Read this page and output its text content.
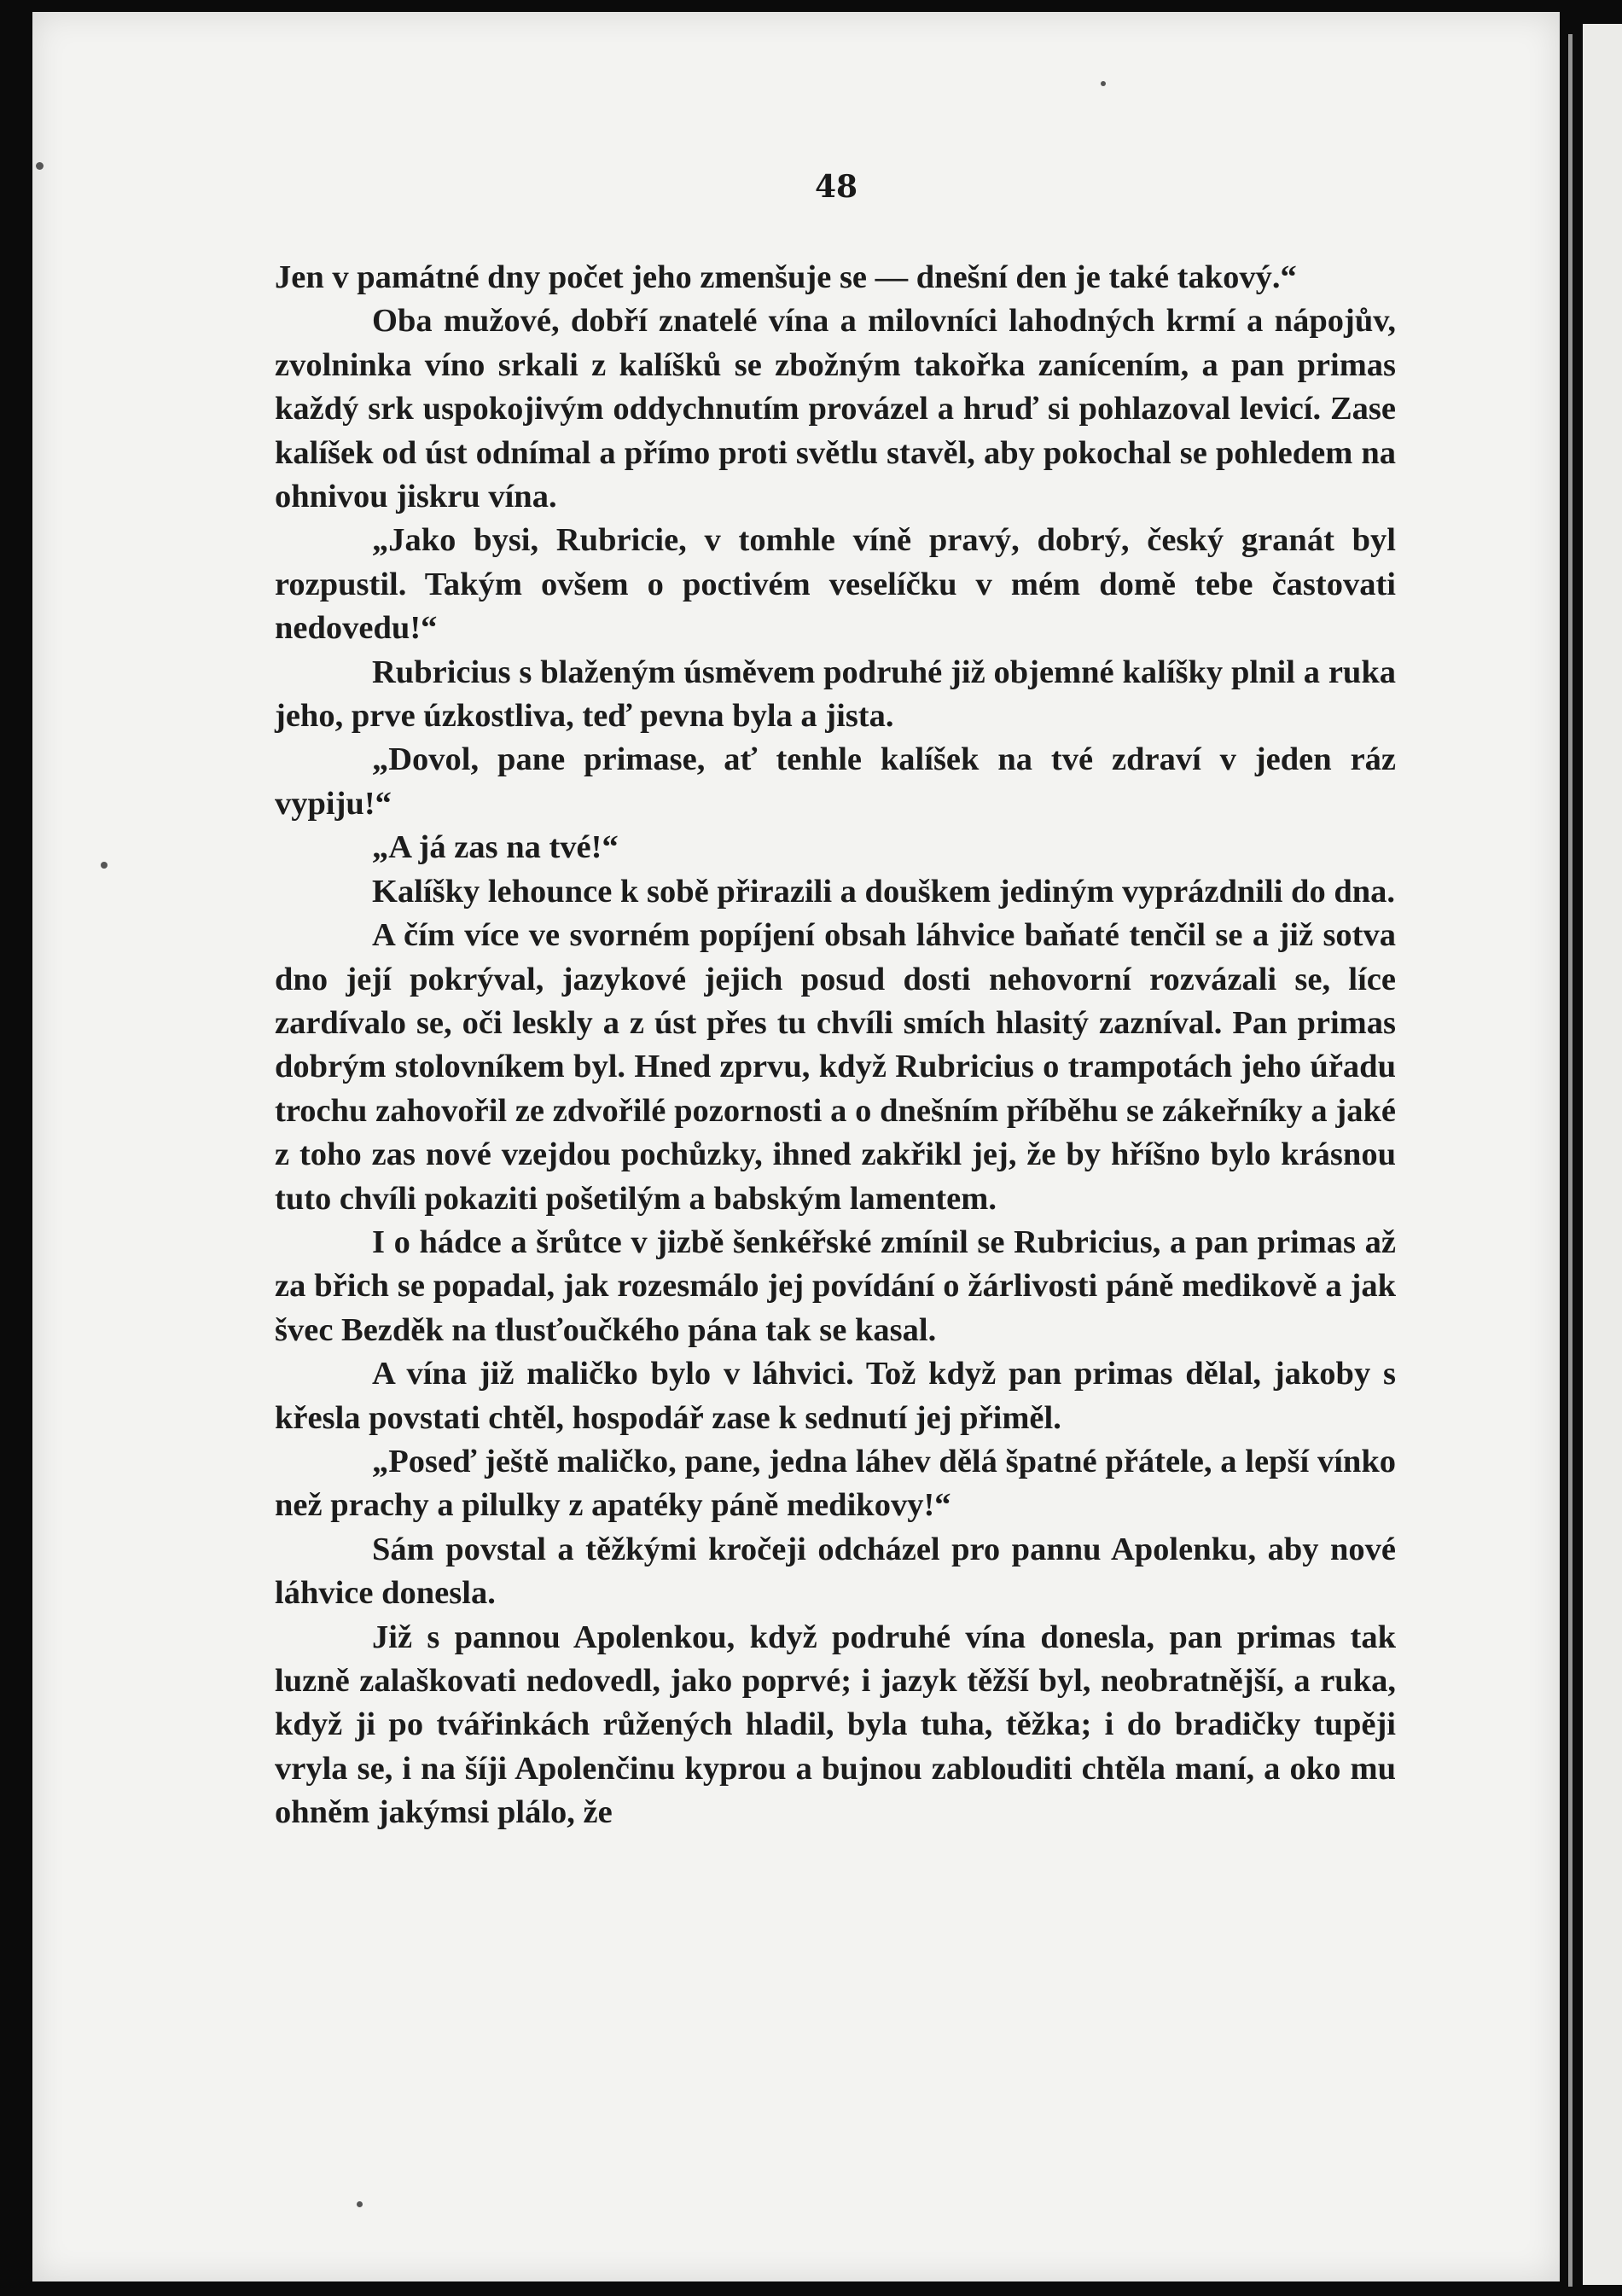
48

Jen v památné dny počet jeho zmenšuje se — dnešní den je také takový.“

Oba mužové, dobří znatelé vína a milovníci lahodných krmí a nápojův, zvolninka víno srkali z kalíšků se zbožným takořka zanícením, a pan primas každý srk uspokojivým oddychnutím provázel a hruď si pohlazoval levicí. Zase kalíšek od úst odnímal a přímo proti světlu stavěl, aby pokochal se pohledem na ohnivou jiskru vína.

„Jako bysi, Rubricie, v tomhle víně pravý, dobrý, český granát byl rozpustil. Takým ovšem o poctivém veselíčku v mém domě tebe častovati nedovedu!“

Rubricius s blaženým úsměvem podruhé již objemné kalíšky plnil a ruka jeho, prve úzkostliva, teď pevna byla a jista.

„Dovol, pane primase, ať tenhle kalíšek na tvé zdraví v jeden ráz vypiju!“

„A já zas na tvé!“

Kalíšky lehounce k sobě přirazili a douškem jediným vyprázdnili do dna.

A čím více ve svorném popíjení obsah láhvice baňaté tenčil se a již sotva dno její pokrýval, jazykové jejich posud dosti nehovorní rozvázali se, líce zardívalo se, oči leskly a z úst přes tu chvíli smích hlasitý zazníval. Pan primas dobrým stolovníkem byl. Hned zprvu, když Rubricius o trampotách jeho úřadu trochu zahovořil ze zdvořilé pozornosti a o dnešním příběhu se zákeřníky a jaké z toho zas nové vzejdou pochůzky, ihned zakřikl jej, že by hříšno bylo krásnou tuto chvíli pokaziti pošetilým a babským lamentem.

I o hádce a šrůtce v jizbě šenkéřské zmínil se Rubricius, a pan primas až za břich se popadal, jak rozesmálo jej povídání o žárlivosti páně medikově a jak švec Bezděk na tlusťoučkého pána tak se kasal.

A vína již maličko bylo v láhvici. Tož když pan primas dělal, jakoby s křesla povstati chtěl, hospodář zase k sednutí jej přiměl.

„Poseď ještě maličko, pane, jedna láhev dělá špatné přátele, a lepší vínko než prachy a pilulky z apatéky páně medikovy!“

Sám povstal a těžkými kročeji odcházel pro pannu Apolenku, aby nové láhvice donesla.

Již s pannou Apolenkou, když podruhé vína donesla, pan primas tak luzně zalaškovati nedovedl, jako poprvé; i jazyk těžší byl, neobratnější, a ruka, když ji po tvářinkách růžených hladil, byla tuha, těžka; i do bradičky tupěji vryla se, i na šíji Apolenčinu kyprou a bujnou zablouditi chtěla maní, a oko mu ohněm jakýmsi plálo, že
